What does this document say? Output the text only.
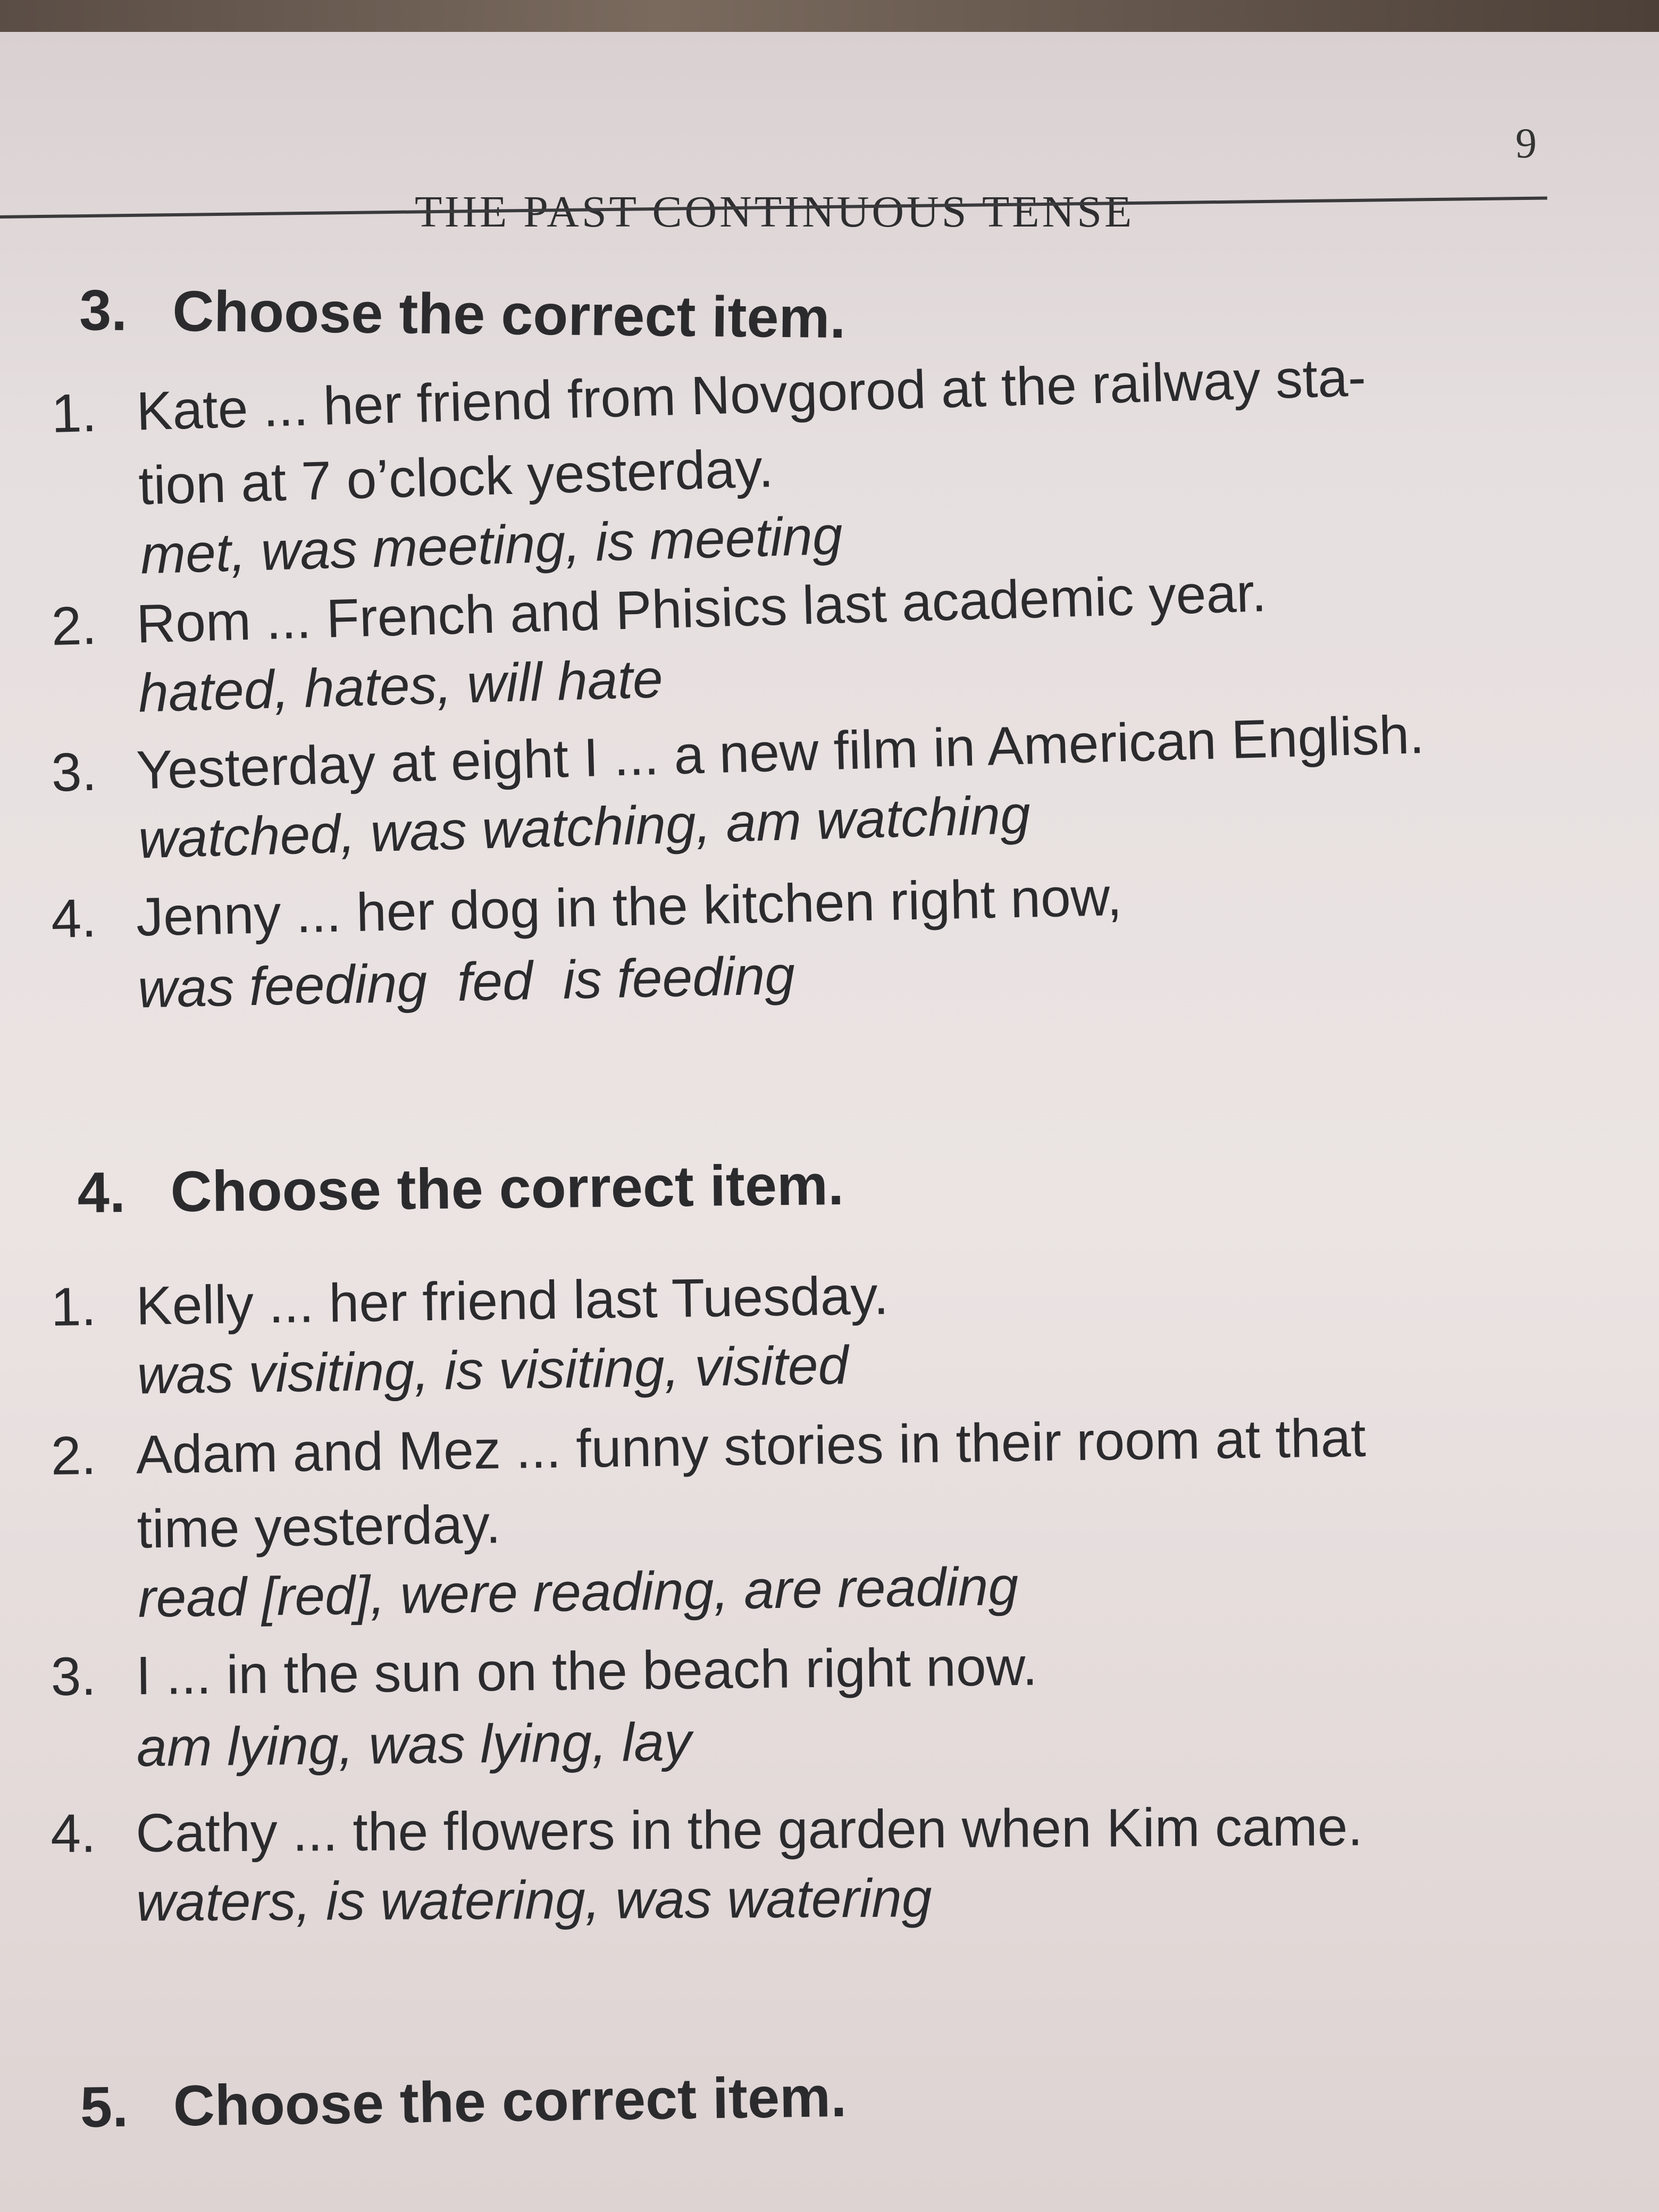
9
THE PAST CONTINUOUS TENSE
3. Choose the correct item.
1. Kate ... her friend from Novgorod at the railway sta-
tion at 7 o’clock yesterday.
met, was meeting, is meeting
2. Rom ... French and Phisics last academic year.
hated, hates, will hate
3. Yesterday at eight I ... a new film in American English.
watched, was watching, am watching
4. Jenny ... her dog in the kitchen right now,
was feeding  fed  is feeding
4. Choose the correct item.
1. Kelly ... her friend last Tuesday.
was visiting, is visiting, visited
2. Adam and Mez ... funny stories in their room at that
time yesterday.
read [red], were reading, are reading
3. I ... in the sun on the beach right now.
am lying, was lying, lay
4. Cathy ... the flowers in the garden when Kim came.
waters, is watering, was watering
5. Choose the correct item.
